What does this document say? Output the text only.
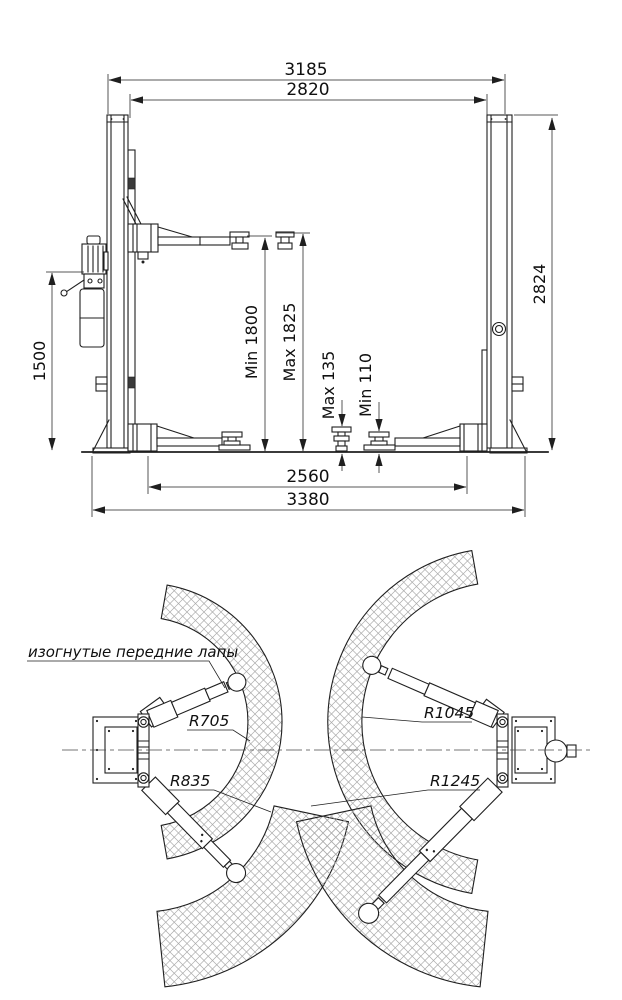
3185
2820
2824
1500	Min 1800 Max 1825
Max 135 Min 110
2560
3380
изогнутые передние лапы
R705
R835
R1045
R1245
